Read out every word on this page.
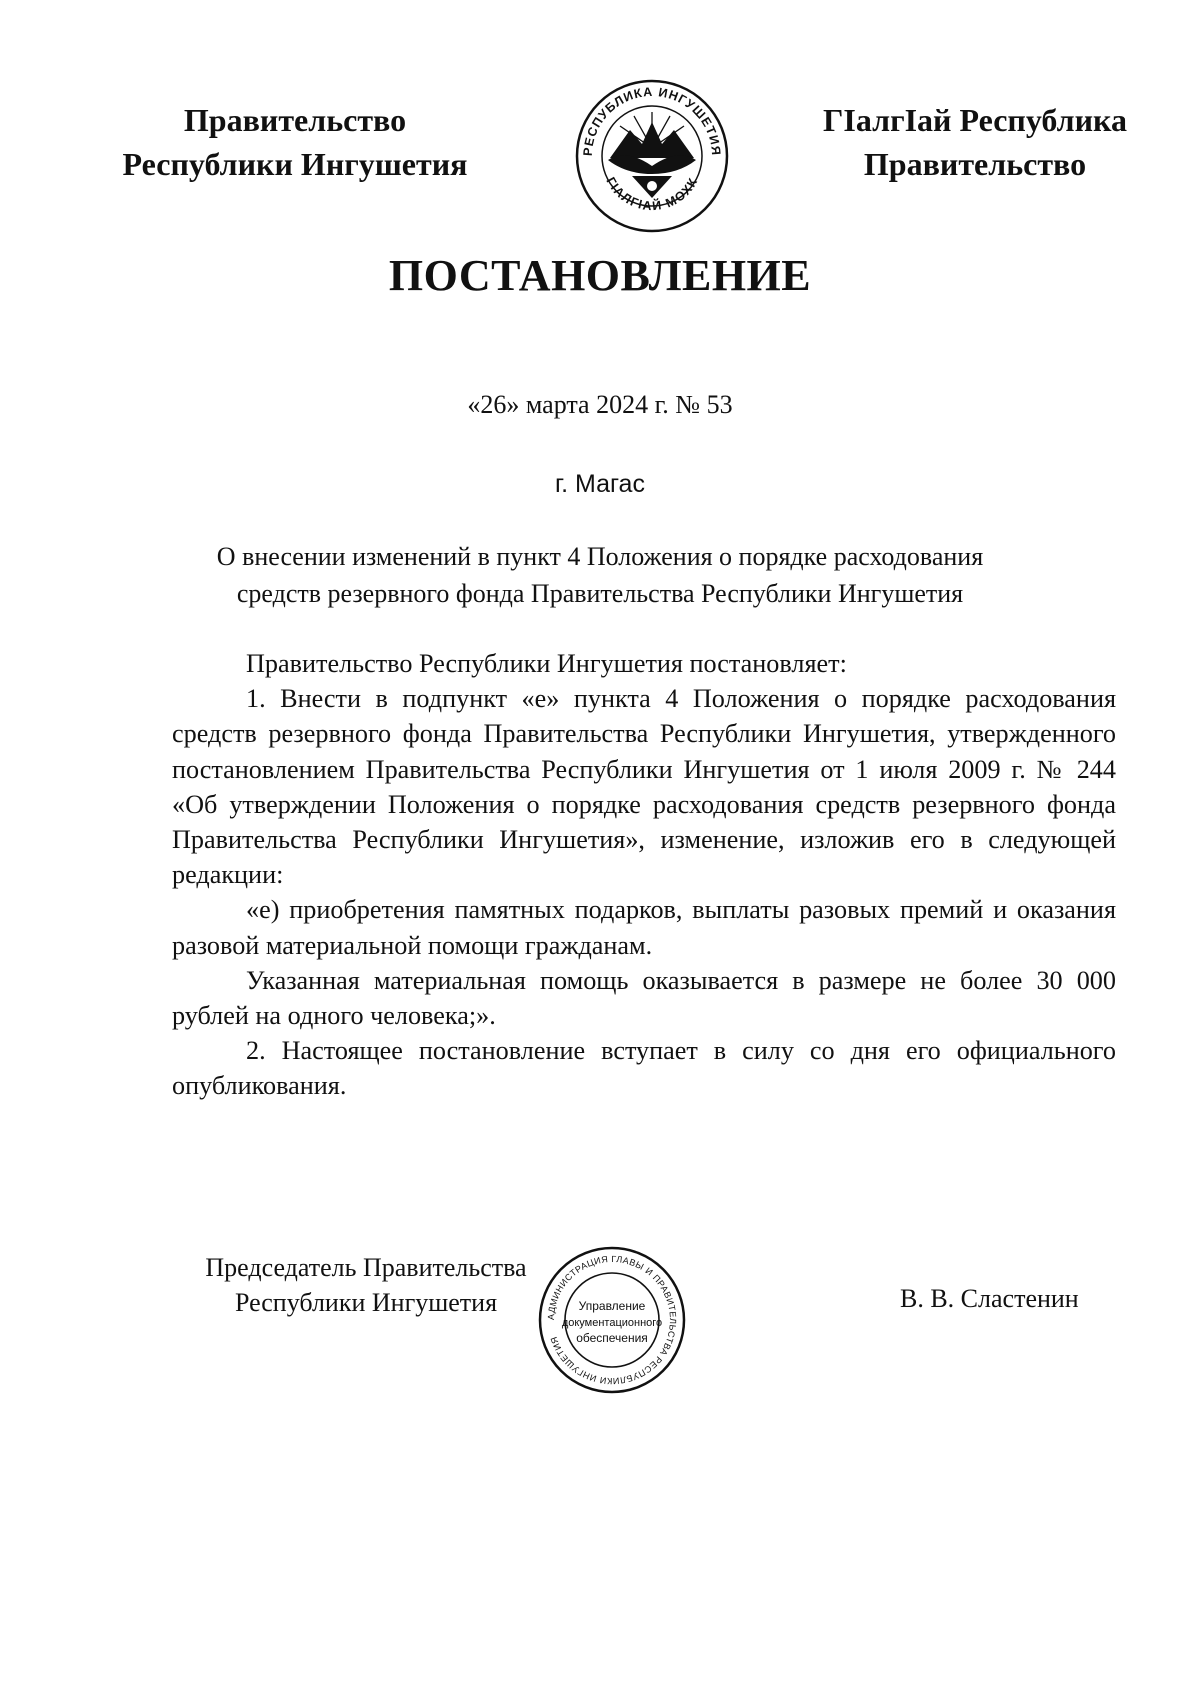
Правительство
Республики Ингушетия	РЕСПУБЛИКА ИНГУШЕТИЯ
ГIАЛГIАЙ МОХК
ГIалгIай Республика
Правительство
ПОСТАНОВЛЕНИЕ
«26» марта 2024 г. № 53
г. Магас
О внесении изменений в пункт 4 Положения о порядке расходования
средств резервного фонда Правительства Республики Ингушетия

Правительство Республики Ингушетия постановляет:

1. Внести в подпункт «е» пункта 4 Положения о порядке расходования средств резервного фонда Правительства Республики Ингушетия, утвержденного постановлением Правительства Республики Ингушетия от 1 июля 2009 г. № 244 «Об утверждении Положения о порядке расходования средств резервного фонда Правительства Республики Ингушетия», изменение, изложив его в следующей редакции:

«е) приобретения памятных подарков, выплаты разовых премий и оказания разовой материальной помощи гражданам.

Указанная материальная помощь оказывается в размере не более 30 000 рублей на одного человека;».

2. Настоящее постановление вступает в силу со дня его официального опубликования.

Председатель Правительства
Республики Ингушетия	АДМИНИСТРАЦИЯ ГЛАВЫ И ПРАВИТЕЛЬСТВА РЕСПУБЛИКИ ИНГУШЕТИЯ
Управление
документационного
обеспечения
В. В. Сластенин
